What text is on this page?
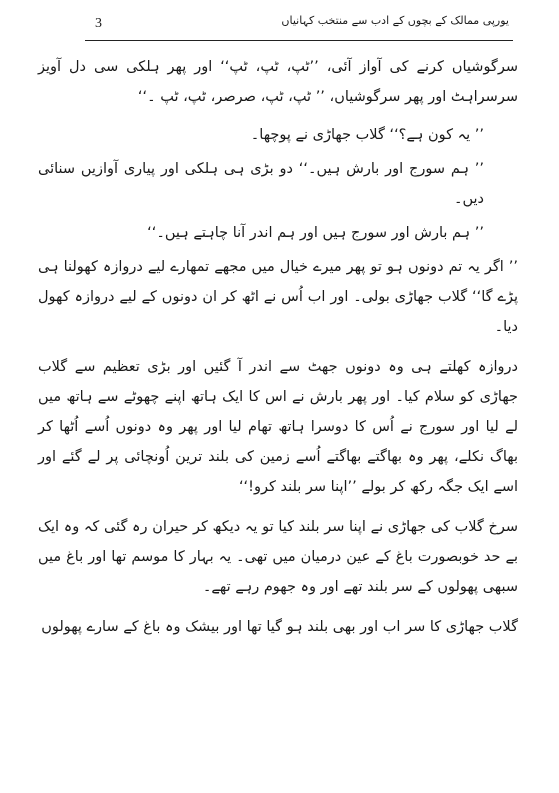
3	یورپی ممالک کے بچوں کے ادب سے منتخب کہانیاں

سرگوشیاں کرنے کی آواز آئی، ’’ٹپ، ٹپ، ٹپ‘‘ اور پھر ہلکی سی دل آویز سرسراہٹ اور پھر سرگوشیاں، ’’ ٹپ، ٹپ، صرصر، ٹپ، ٹپ ۔‘‘

’’ یہ کون ہے؟‘‘ گلاب جھاڑی نے پوچھا۔

’’ ہم سورج اور بارش ہیں۔‘‘ دو بڑی ہی ہلکی اور پیاری آوازیں سنائی دیں۔

’’ ہم بارش اور سورج ہیں اور ہم اندر آنا چاہتے ہیں۔‘‘

’’ اگر یہ تم دونوں ہو تو پھر میرے خیال میں مجھے تمھارے لیے دروازہ کھولنا ہی پڑے گا‘‘ گلاب جھاڑی بولی۔ اور اب اُس نے اٹھ کر ان دونوں کے لیے دروازہ کھول دیا۔

دروازہ کھلتے ہی وہ دونوں جھٹ سے اندر آ گئیں اور بڑی تعظیم سے گلاب جھاڑی کو سلام کیا۔ اور پھر بارش نے اس کا ایک ہاتھ اپنے چھوٹے سے ہاتھ میں لے لیا اور سورج نے اُس کا دوسرا ہاتھ تھام لیا اور پھر وہ دونوں اُسے اُٹھا کر بھاگ نکلے، پھر وہ بھاگتے بھاگتے اُسے زمین کی بلند ترین اُونچائی پر لے گئے اور اسے ایک جگہ رکھ کر بولے ’’اپنا سر بلند کرو!‘‘

سرخ گلاب کی جھاڑی نے اپنا سر بلند کیا تو یہ دیکھ کر حیران رہ گئی کہ وہ ایک بے حد خوبصورت باغ کے عین درمیان میں تھی۔ یہ بہار کا موسم تھا اور باغ میں سبھی پھولوں کے سر بلند تھے اور وہ جھوم رہے تھے۔

گلاب جھاڑی کا سر اب اور بھی بلند ہو گیا تھا اور بیشک وہ باغ کے سارے پھولوں
